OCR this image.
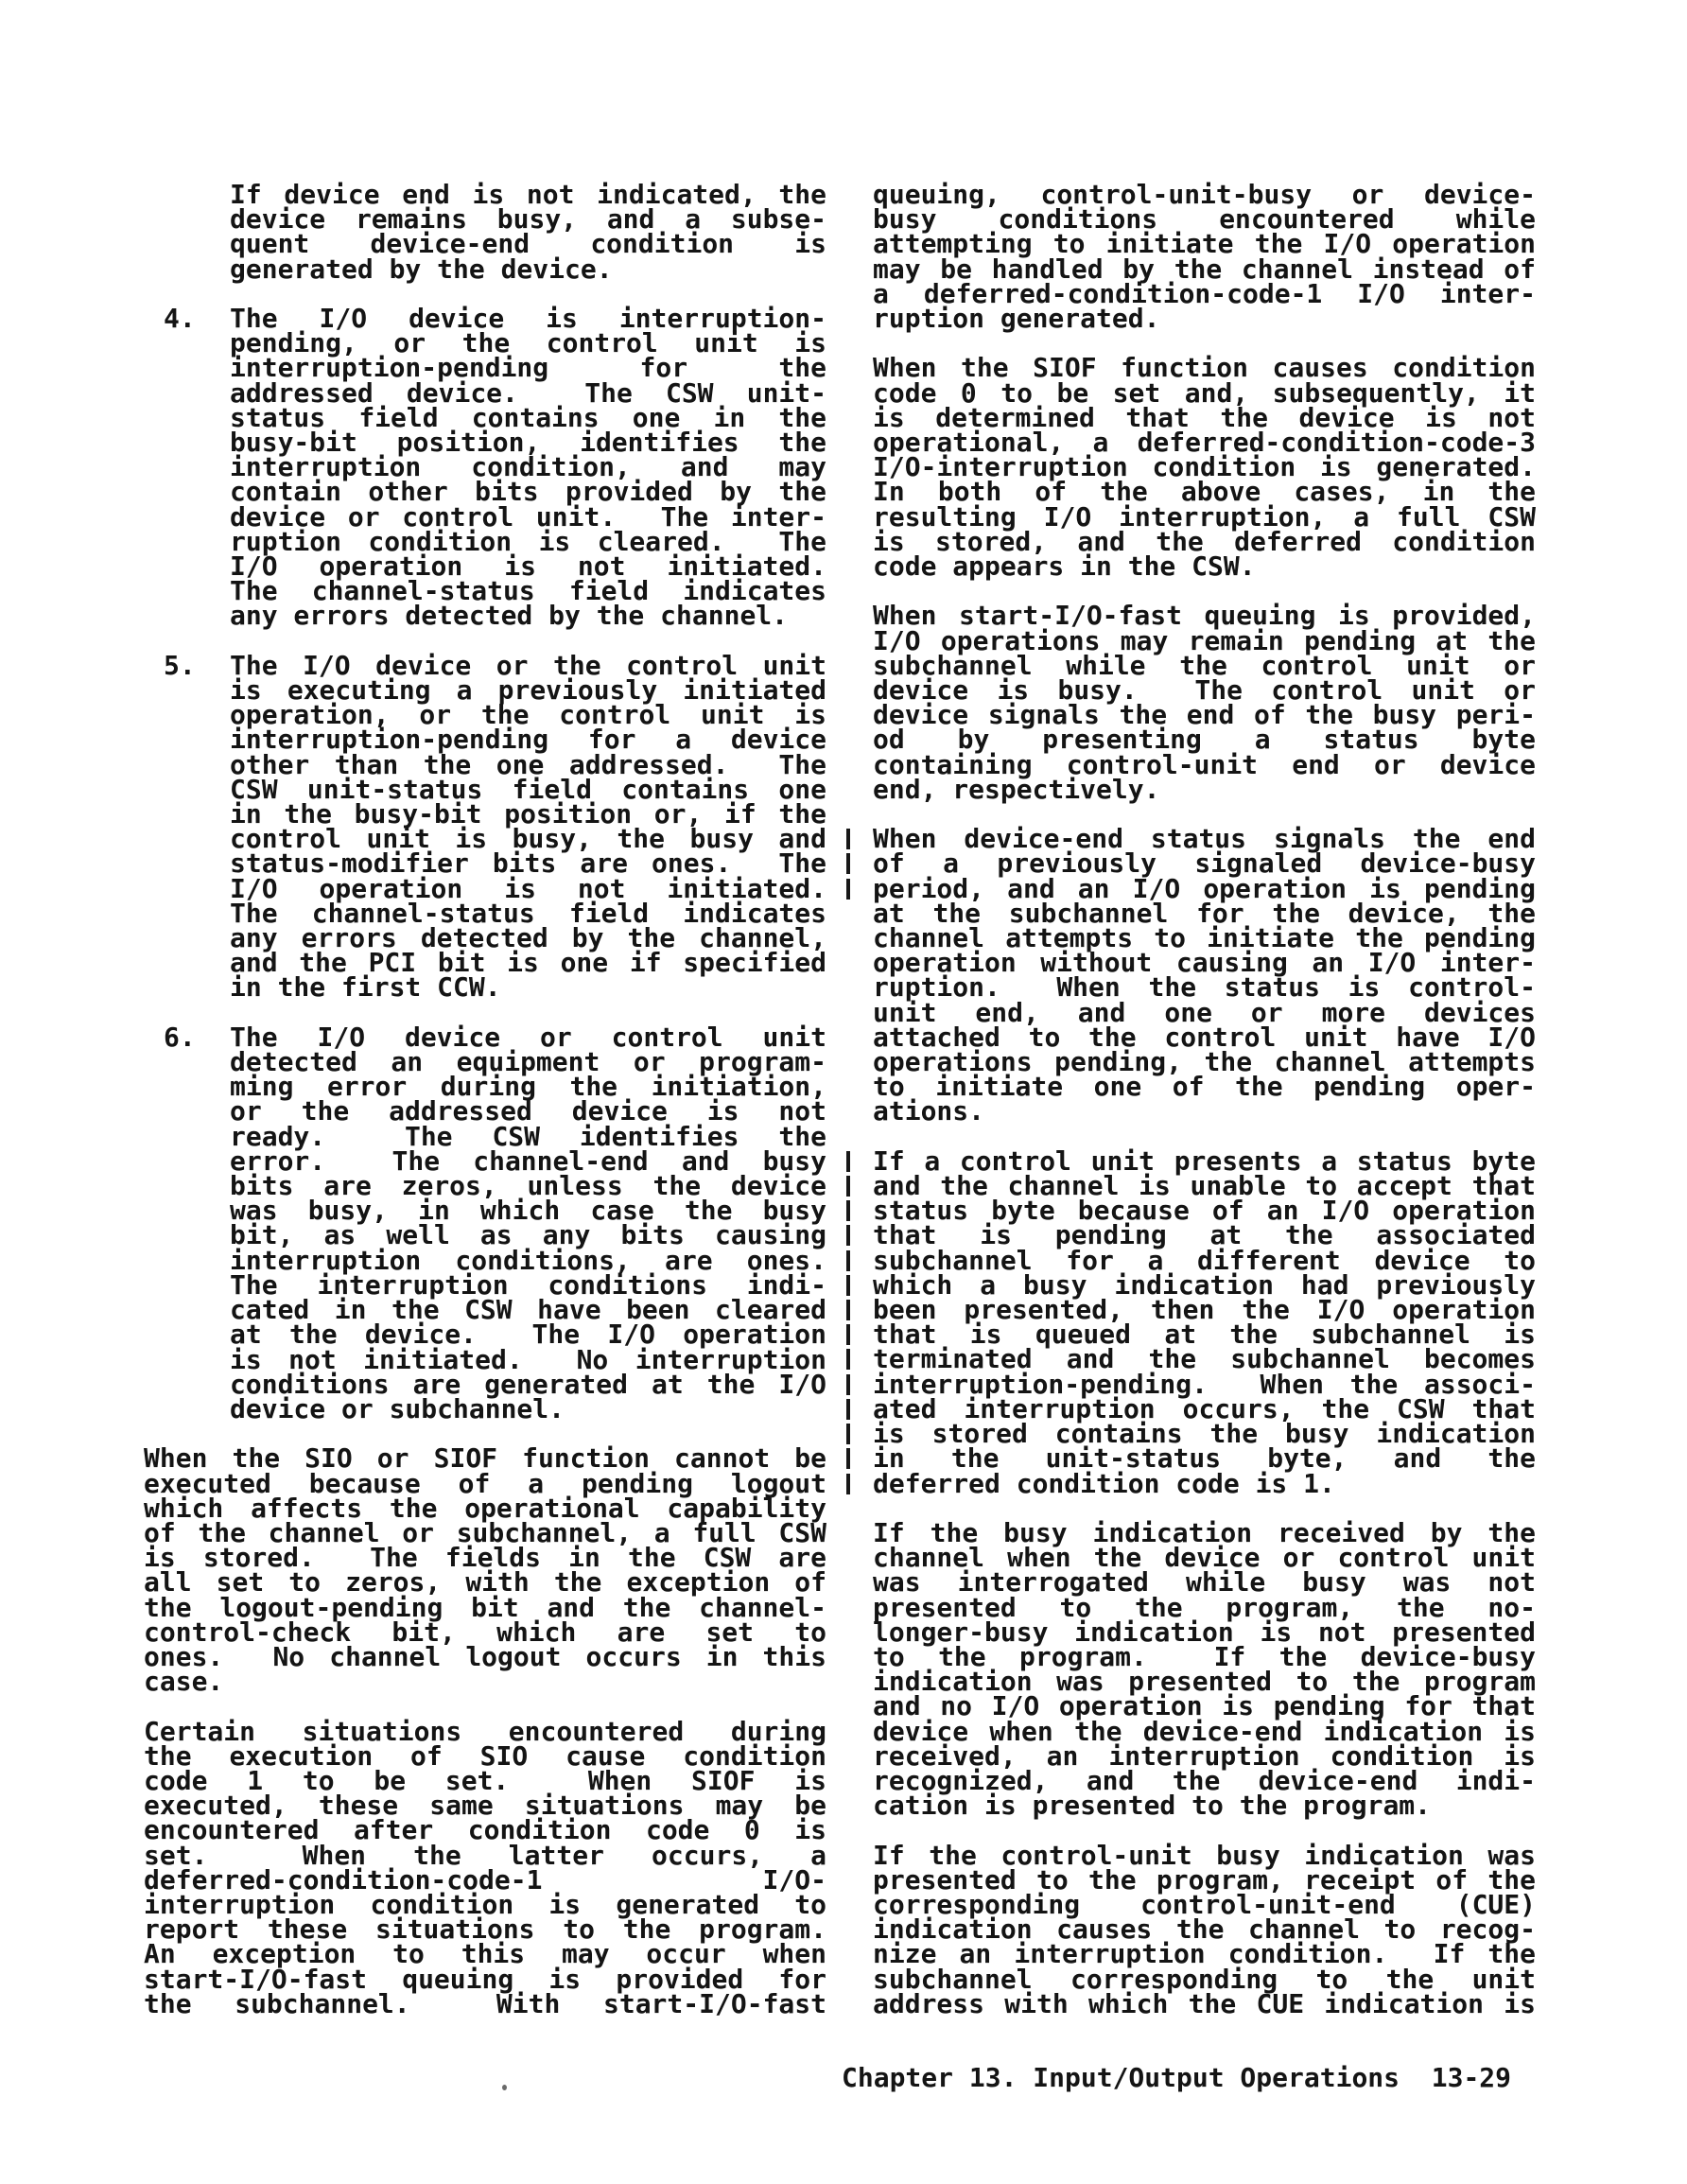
If device end is not indicated, the
device remains busy, and a subse-
quent device-end condition is
generated by the device.
4. The I/O device is interruption-
pending, or the control unit is
interruption-pending for the
addressed device.  The CSW unit-
status field contains one in the
busy-bit position, identifies the
interruption condition, and may
contain other bits provided by the
device or control unit.  The inter-
ruption condition is cleared.  The
I/O operation is not initiated.
The channel-status field indicates
any errors detected by the channel.
5. The I/O device or the control unit
is executing a previously initiated
operation, or the control unit is
interruption-pending for a device
other than the one addressed.  The
CSW unit-status field contains one
in the busy-bit position or, if the
control unit is busy, the busy and
status-modifier bits are ones.  The
I/O operation is not initiated.
The channel-status field indicates
any errors detected by the channel,
and the PCI bit is one if specified
in the first CCW.
6. The I/O device or control unit
detected an equipment or program-
ming error during the initiation,
or the addressed device is not
ready.  The CSW identifies the
error.  The channel-end and busy
bits are zeros, unless the device
was busy, in which case the busy
bit, as well as any bits causing
interruption conditions, are ones.
The interruption conditions indi-
cated in the CSW have been cleared
at the device.  The I/O operation
is not initiated.  No interruption
conditions are generated at the I/O
device or subchannel.
When the SIO or SIOF function cannot be
executed because of a pending logout
which affects the operational capability
of the channel or subchannel, a full CSW
is stored.  The fields in the CSW are
all set to zeros, with the exception of
the logout-pending bit and the channel-
control-check bit, which are set to
ones.  No channel logout occurs in this
case.
Certain situations encountered during
the execution of SIO cause condition
code 1 to be set.  When SIOF is
executed, these same situations may be
encountered after condition code 0 is
set.  When the latter occurs, a
deferred-condition-code-1 I/O-
interruption condition is generated to
report these situations to the program.
An exception to this may occur when
start-I/O-fast queuing is provided for
the subchannel.  With start-I/O-fast
queuing, control-unit-busy or device-
busy conditions encountered while
attempting to initiate the I/O operation
may be handled by the channel instead of
a deferred-condition-code-1 I/O inter-
ruption generated.
When the SIOF function causes condition
code 0 to be set and, subsequently, it
is determined that the device is not
operational, a deferred-condition-code-3
I/O-interruption condition is generated.
In both of the above cases, in the
resulting I/O interruption, a full CSW
is stored, and the deferred condition
code appears in the CSW.
When start-I/O-fast queuing is provided,
I/O operations may remain pending at the
subchannel while the control unit or
device is busy.  The control unit or
device signals the end of the busy peri-
od by presenting a status byte
containing control-unit end or device
end, respectively.
When device-end status signals the end
of a previously signaled device-busy
period, and an I/O operation is pending
at the subchannel for the device, the
channel attempts to initiate the pending
operation without causing an I/O inter-
ruption.  When the status is control-
unit end, and one or more devices
attached to the control unit have I/O
operations pending, the channel attempts
to initiate one of the pending oper-
ations.
If a control unit presents a status byte
and the channel is unable to accept that
status byte because of an I/O operation
that is pending at the associated
subchannel for a different device to
which a busy indication had previously
been presented, then the I/O operation
that is queued at the subchannel is
terminated and the subchannel becomes
interruption-pending.  When the associ-
ated interruption occurs, the CSW that
is stored contains the busy indication
in the unit-status byte, and the
deferred condition code is 1.
If the busy indication received by the
channel when the device or control unit
was interrogated while busy was not
presented to the program, the no-
longer-busy indication is not presented
to the program.  If the device-busy
indication was presented to the program
and no I/O operation is pending for that
device when the device-end indication is
received, an interruption condition is
recognized, and the device-end indi-
cation is presented to the program.
If the control-unit busy indication was
presented to the program, receipt of the
corresponding control-unit-end (CUE)
indication causes the channel to recog-
nize an interruption condition.  If the
subchannel corresponding to the unit
address with which the CUE indication is
Chapter 13. Input/Output Operations  13-29
